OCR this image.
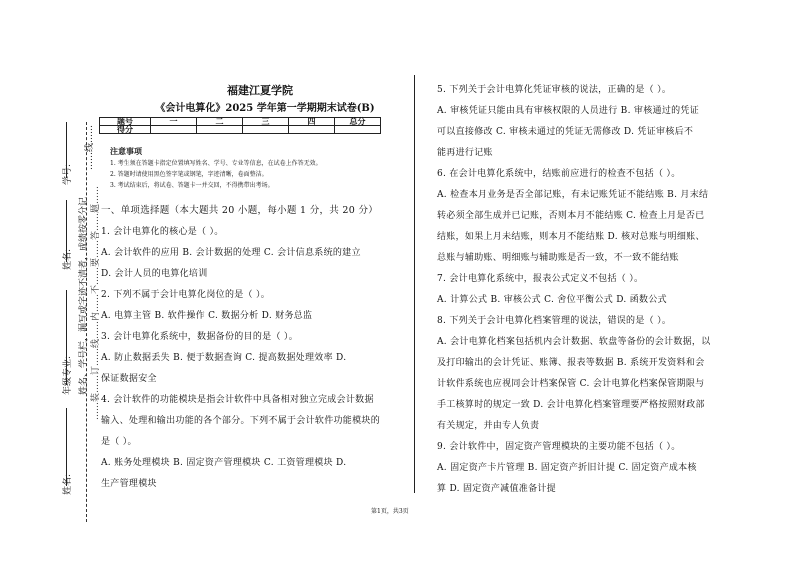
学号:
姓名:
年级专业:
姓名:
姓名、学号栏，漏写或字迹不清者，成绩按零分记 ……装……订……线……内……不……要……答……题……
……线……
福建江夏学院
《会计电算化》2025 学年第一学期期末试卷(B)
题号	一	二	三	四	总分
得分					
注意事项
1. 考生须在答题卡指定位置填写姓名、学号、专业等信息，在试卷上作答无效。
2. 答题时请使用黑色签字笔或钢笔，字迹清晰，卷面整洁。
3. 考试结束后，将试卷、答题卡一并交回，不得携带出考场。
一、单项选择题（本大题共 20 小题，每小题 1 分，共 20 分）
1. 会计电算化的核心是（ ）。
A. 会计软件的应用 B. 会计数据的处理 C. 会计信息系统的建立
D. 会计人员的电算化培训
2. 下列不属于会计电算化岗位的是（ ）。
A. 电算主管 B. 软件操作 C. 数据分析 D. 财务总监
3. 会计电算化系统中，数据备份的目的是（ ）。
A. 防止数据丢失 B. 便于数据查询 C. 提高数据处理效率 D.
保证数据安全
4. 会计软件的功能模块是指会计软件中具备相对独立完成会计数据
输入、处理和输出功能的各个部分。下列不属于会计软件功能模块的
是（ ）。
A. 账务处理模块 B. 固定资产管理模块 C. 工资管理模块 D.
生产管理模块
5. 下列关于会计电算化凭证审核的说法，正确的是（ ）。
A. 审核凭证只能由具有审核权限的人员进行 B. 审核通过的凭证
可以直接修改 C. 审核未通过的凭证无需修改 D. 凭证审核后不
能再进行记账
6. 在会计电算化系统中，结账前应进行的检查不包括（ ）。
A. 检查本月业务是否全部记账，有未记账凭证不能结账 B. 月末结
转必须全部生成并已记账，否则本月不能结账 C. 检查上月是否已
结账，如果上月未结账，则本月不能结账 D. 核对总账与明细账、
总账与辅助账、明细账与辅助账是否一致，不一致不能结账
7. 会计电算化系统中，报表公式定义不包括（ ）。
A. 计算公式 B. 审核公式 C. 舍位平衡公式 D. 函数公式
8. 下列关于会计电算化档案管理的说法，错误的是（ ）。
A. 会计电算化档案包括机内会计数据、软盘等备份的会计数据，以
及打印输出的会计凭证、账簿、报表等数据 B. 系统开发资料和会
计软件系统也应视同会计档案保管 C. 会计电算化档案保管期限与
手工核算时的规定一致 D. 会计电算化档案管理要严格按照财政部
有关规定，并由专人负责
9. 会计软件中，固定资产管理模块的主要功能不包括（ ）。
A. 固定资产卡片管理 B. 固定资产折旧计提 C. 固定资产成本核
算 D. 固定资产减值准备计提
第1页，共3页
